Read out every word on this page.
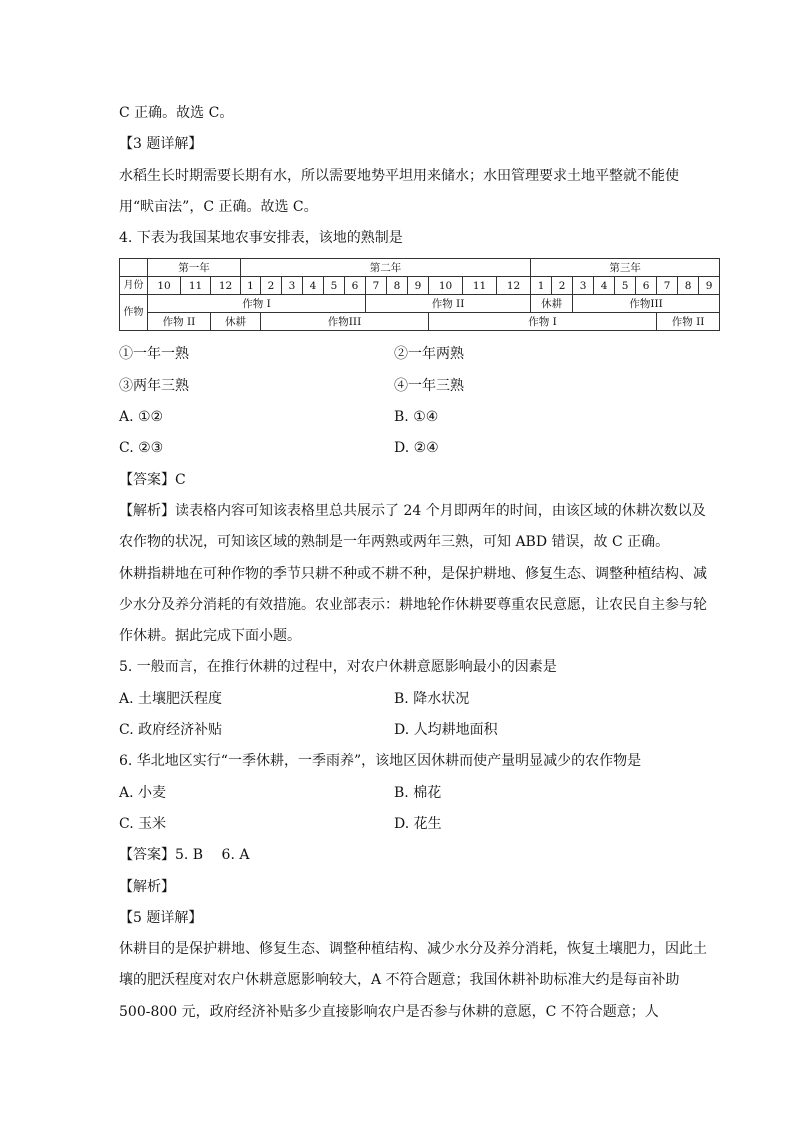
C 正确。故选 C。
【3 题详解】
水稻生长时期需要长期有水，所以需要地势平坦用来储水；水田管理要求土地平整就不能使
用“畎亩法”，C 正确。故选 C。
4. 下表为我国某地农事安排表，该地的熟制是
	第一年			第二年												第三年								
月份	10	11	12	1	2	3	4	5	6	7	8	9	10	11	12	1	2	3	4	5	6	7	8	9
作物	作物 I									作物 II						休耕		作物III						
	作物 II		休耕		作物III								作物 I									作物 II		
①一年一熟	②一年两熟
③两年三熟	④一年三熟
A. ①②	B. ①④
C. ②③	D. ②④
【答案】C

【解析】读表格内容可知该表格里总共展示了 24 个月即两年的时间，由该区域的休耕次数以及农作物的状况，可知该区域的熟制是一年两熟或两年三熟，可知 ABD 错误，故 C 正确。

休耕指耕地在可种作物的季节只耕不种或不耕不种，是保护耕地、修复生态、调整种植结构、减少水分及养分消耗的有效措施。农业部表示：耕地轮作休耕要尊重农民意愿，让农民自主参与轮作休耕。据此完成下面小题。

5. 一般而言，在推行休耕的过程中，对农户休耕意愿影响最小的因素是
A. 土壤肥沃程度	B. 降水状况
C. 政府经济补贴	D. 人均耕地面积
6. 华北地区实行“一季休耕，一季雨养”，该地区因休耕而使产量明显减少的农作物是
A. 小麦	B. 棉花
C. 玉米	D. 花生
【答案】5. B　 6. A
【解析】
【5 题详解】

休耕目的是保护耕地、修复生态、调整种植结构、减少水分及养分消耗，恢复土壤肥力，因此土壤的肥沃程度对农户休耕意愿影响较大，A 不符合题意；我国休耕补助标准大约是每亩补助 500-800 元，政府经济补贴多少直接影响农户是否参与休耕的意愿，C 不符合题意；人
